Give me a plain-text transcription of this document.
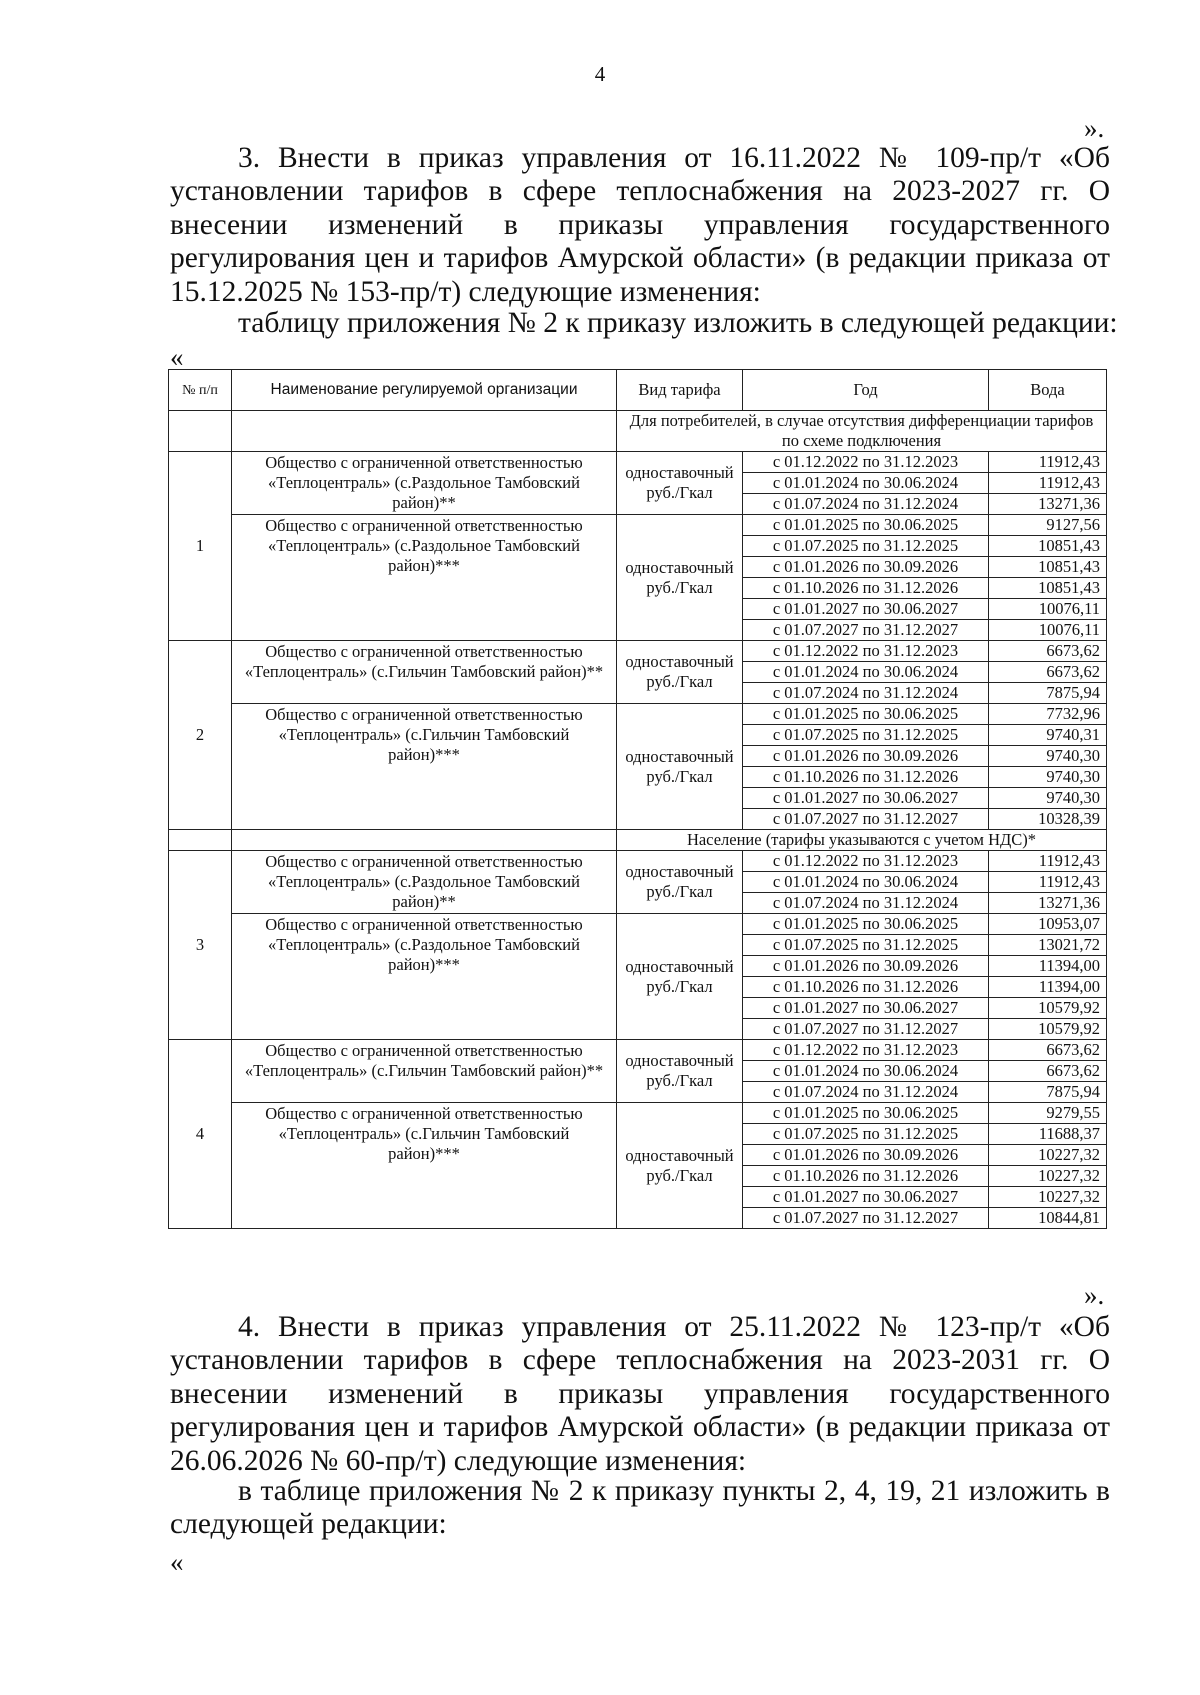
4
».
3. Внести в приказ управления от 16.11.2022 № 109-пр/т «Об установлении тарифов в сфере теплоснабжения на 2023-2027 гг. О внесении изменений в приказы управления государственного регулирования цен и тарифов Амурской области» (в редакции приказа от 15.12.2025 № 153-пр/т) следующие изменения:
таблицу приложения № 2 к приказу изложить в следующей редакции:
«
№ п/п	Наименование регулируемой организации	Вид тарифа	Год	Вода
		Для потребителей, в случае отсутствия дифференциации тарифов по схеме подключения		
1	Общество с ограниченной ответственностью «Теплоцентраль» (с.Раздольное Тамбовский район)**	одноставочный руб./Гкал	с 01.12.2022 по 31.12.2023	11912,43
			с 01.01.2024 по 30.06.2024	11912,43
			с 01.07.2024 по 31.12.2024	13271,36
	Общество с ограниченной ответственностью «Теплоцентраль» (с.Раздольное Тамбовский район)***	одноставочный руб./Гкал	с 01.01.2025 по 30.06.2025	9127,56
			с 01.07.2025 по 31.12.2025	10851,43
			с 01.01.2026 по 30.09.2026	10851,43
			с 01.10.2026 по 31.12.2026	10851,43
			с 01.01.2027 по 30.06.2027	10076,11
			с 01.07.2027 по 31.12.2027	10076,11
2	Общество с ограниченной ответственностью «Теплоцентраль» (с.Гильчин Тамбовский район)**	одноставочный руб./Гкал	с 01.12.2022 по 31.12.2023	6673,62
			с 01.01.2024 по 30.06.2024	6673,62
			с 01.07.2024 по 31.12.2024	7875,94
	Общество с ограниченной ответственностью «Теплоцентраль» (с.Гильчин Тамбовский район)***	одноставочный руб./Гкал	с 01.01.2025 по 30.06.2025	7732,96
			с 01.07.2025 по 31.12.2025	9740,31
			с 01.01.2026 по 30.09.2026	9740,30
			с 01.10.2026 по 31.12.2026	9740,30
			с 01.01.2027 по 30.06.2027	9740,30
			с 01.07.2027 по 31.12.2027	10328,39
		Население (тарифы указываются с учетом НДС)*		
3	Общество с ограниченной ответственностью «Теплоцентраль» (с.Раздольное Тамбовский район)**	одноставочный руб./Гкал	с 01.12.2022 по 31.12.2023	11912,43
			с 01.01.2024 по 30.06.2024	11912,43
			с 01.07.2024 по 31.12.2024	13271,36
	Общество с ограниченной ответственностью «Теплоцентраль» (с.Раздольное Тамбовский район)***	одноставочный руб./Гкал	с 01.01.2025 по 30.06.2025	10953,07
			с 01.07.2025 по 31.12.2025	13021,72
			с 01.01.2026 по 30.09.2026	11394,00
			с 01.10.2026 по 31.12.2026	11394,00
			с 01.01.2027 по 30.06.2027	10579,92
			с 01.07.2027 по 31.12.2027	10579,92
4	Общество с ограниченной ответственностью «Теплоцентраль» (с.Гильчин Тамбовский район)**	одноставочный руб./Гкал	с 01.12.2022 по 31.12.2023	6673,62
			с 01.01.2024 по 30.06.2024	6673,62
			с 01.07.2024 по 31.12.2024	7875,94
	Общество с ограниченной ответственностью «Теплоцентраль» (с.Гильчин Тамбовский район)***	одноставочный руб./Гкал	с 01.01.2025 по 30.06.2025	9279,55
			с 01.07.2025 по 31.12.2025	11688,37
			с 01.01.2026 по 30.09.2026	10227,32
			с 01.10.2026 по 31.12.2026	10227,32
			с 01.01.2027 по 30.06.2027	10227,32
			с 01.07.2027 по 31.12.2027	10844,81
».
4. Внести в приказ управления от 25.11.2022 № 123-пр/т «Об установлении тарифов в сфере теплоснабжения на 2023-2031 гг. О внесении изменений в приказы управления государственного регулирования цен и тарифов Амурской области» (в редакции приказа от 26.06.2026 № 60-пр/т) следующие изменения:
в таблице приложения № 2 к приказу пункты 2, 4, 19, 21 изложить в следующей редакции:
«
